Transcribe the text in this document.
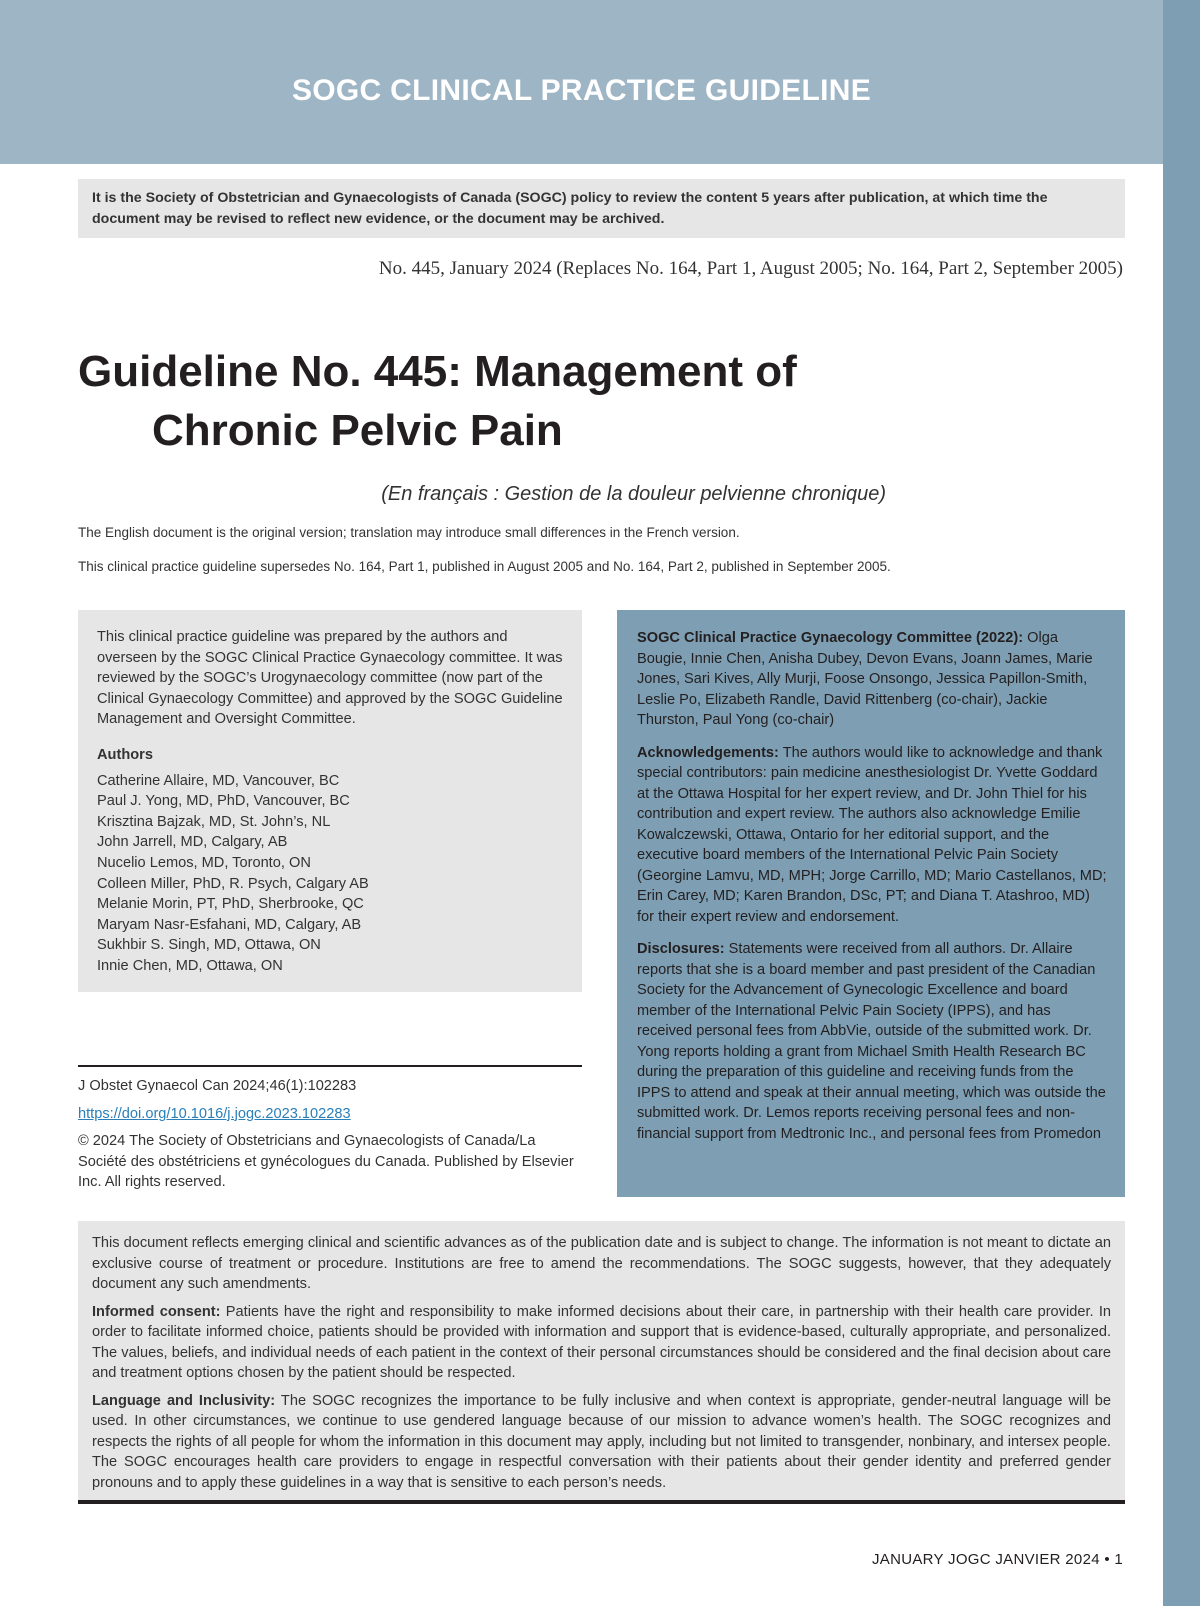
SOGC CLINICAL PRACTICE GUIDELINE
It is the Society of Obstetrician and Gynaecologists of Canada (SOGC) policy to review the content 5 years after publication, at which time the document may be revised to reflect new evidence, or the document may be archived.
No. 445, January 2024 (Replaces No. 164, Part 1, August 2005; No. 164, Part 2, September 2005)
Guideline No. 445: Management of
Chronic Pelvic Pain
(En français : Gestion de la douleur pelvienne chronique)
The English document is the original version; translation may introduce small differences in the French version.
This clinical practice guideline supersedes No. 164, Part 1, published in August 2005 and No. 164, Part 2, published in September 2005.

This clinical practice guideline was prepared by the authors and overseen by the SOGC Clinical Practice Gynaecology committee. It was reviewed by the SOGC’s Urogynaecology committee (now part of the Clinical Gynaecology Committee) and approved by the SOGC Guideline Management and Oversight Committee.

Authors

Catherine Allaire, MD, Vancouver, BC
Paul J. Yong, MD, PhD, Vancouver, BC
Krisztina Bajzak, MD, St. John’s, NL
John Jarrell, MD, Calgary, AB
Nucelio Lemos, MD, Toronto, ON
Colleen Miller, PhD, R. Psych, Calgary AB
Melanie Morin, PT, PhD, Sherbrooke, QC
Maryam Nasr-Esfahani, MD, Calgary, AB
Sukhbir S. Singh, MD, Ottawa, ON
Innie Chen, MD, Ottawa, ON

J Obstet Gynaecol Can 2024;46(1):102283

https://doi.org/10.1016/j.jogc.2023.102283

© 2024 The Society of Obstetricians and Gynaecologists of Canada/La Société des obstétriciens et gynécologues du Canada. Published by Elsevier Inc. All rights reserved.

SOGC Clinical Practice Gynaecology Committee (2022): Olga Bougie, Innie Chen, Anisha Dubey, Devon Evans, Joann James, Marie Jones, Sari Kives, Ally Murji, Foose Onsongo, Jessica Papillon-Smith, Leslie Po, Elizabeth Randle, David Rittenberg (co-chair), Jackie Thurston, Paul Yong (co-chair)

Acknowledgements: The authors would like to acknowledge and thank special contributors: pain medicine anesthesiologist Dr. Yvette Goddard at the Ottawa Hospital for her expert review, and Dr. John Thiel for his contribution and expert review. The authors also acknowledge Emilie Kowalczewski, Ottawa, Ontario for her editorial support, and the executive board members of the International Pelvic Pain Society (Georgine Lamvu, MD, MPH; Jorge Carrillo, MD; Mario Castellanos, MD; Erin Carey, MD; Karen Brandon, DSc, PT; and Diana T. Atashroo, MD) for their expert review and endorsement.

Disclosures: Statements were received from all authors. Dr. Allaire reports that she is a board member and past president of the Canadian Society for the Advancement of Gynecologic Excellence and board member of the International Pelvic Pain Society (IPPS), and has received personal fees from AbbVie, outside of the submitted work. Dr. Yong reports holding a grant from Michael Smith Health Research BC during the preparation of this guideline and receiving funds from the IPPS to attend and speak at their annual meeting, which was outside the submitted work. Dr. Lemos reports receiving personal fees and non-financial support from Medtronic Inc., and personal fees from Promedon

This document reflects emerging clinical and scientific advances as of the publication date and is subject to change. The information is not meant to dictate an exclusive course of treatment or procedure. Institutions are free to amend the recommendations. The SOGC suggests, however, that they adequately document any such amendments.

Informed consent: Patients have the right and responsibility to make informed decisions about their care, in partnership with their health care provider. In order to facilitate informed choice, patients should be provided with information and support that is evidence-based, culturally appropriate, and personalized. The values, beliefs, and individual needs of each patient in the context of their personal circumstances should be considered and the final decision about care and treatment options chosen by the patient should be respected.

Language and Inclusivity: The SOGC recognizes the importance to be fully inclusive and when context is appropriate, gender-neutral language will be used. In other circumstances, we continue to use gendered language because of our mission to advance women’s health. The SOGC recognizes and respects the rights of all people for whom the information in this document may apply, including but not limited to transgender, nonbinary, and intersex people. The SOGC encourages health care providers to engage in respectful conversation with their patients about their gender identity and preferred gender pronouns and to apply these guidelines in a way that is sensitive to each person’s needs.

JANUARY JOGC JANVIER 2024 • 1
